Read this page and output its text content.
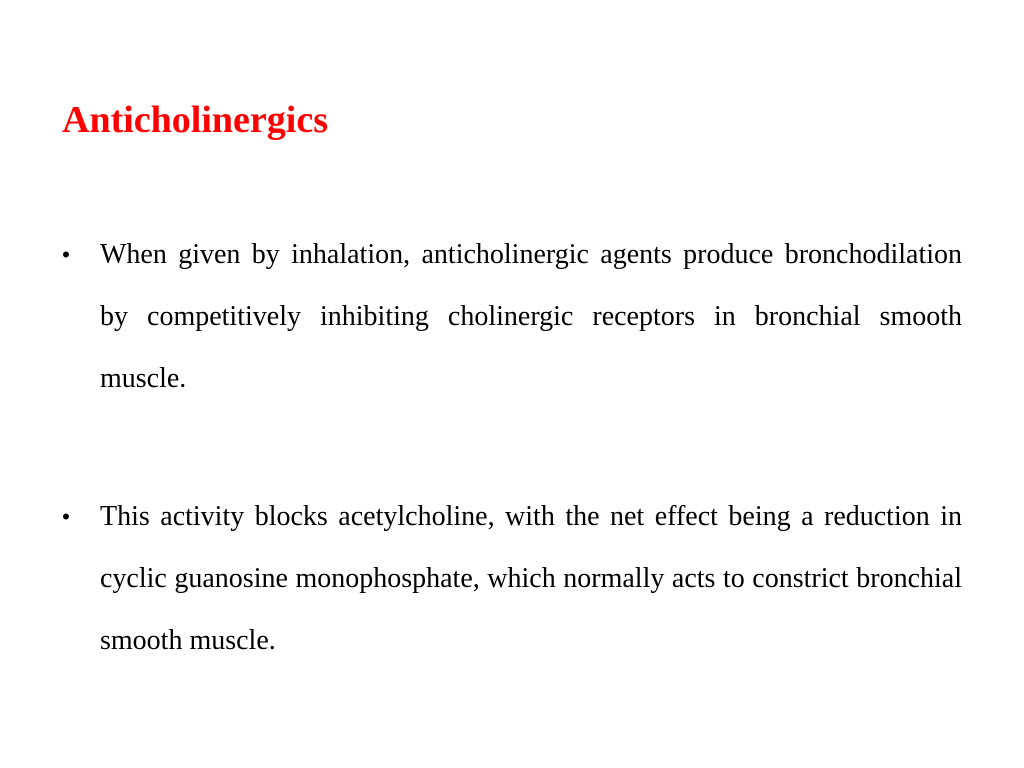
Anticholinergics
• When given by inhalation, anticholinergic agents produce bronchodilation by competitively inhibiting cholinergic receptors in bronchial smooth muscle.
• This activity blocks acetylcholine, with the net effect being a reduction in cyclic guanosine monophosphate, which normally acts to constrict bronchial smooth muscle.
